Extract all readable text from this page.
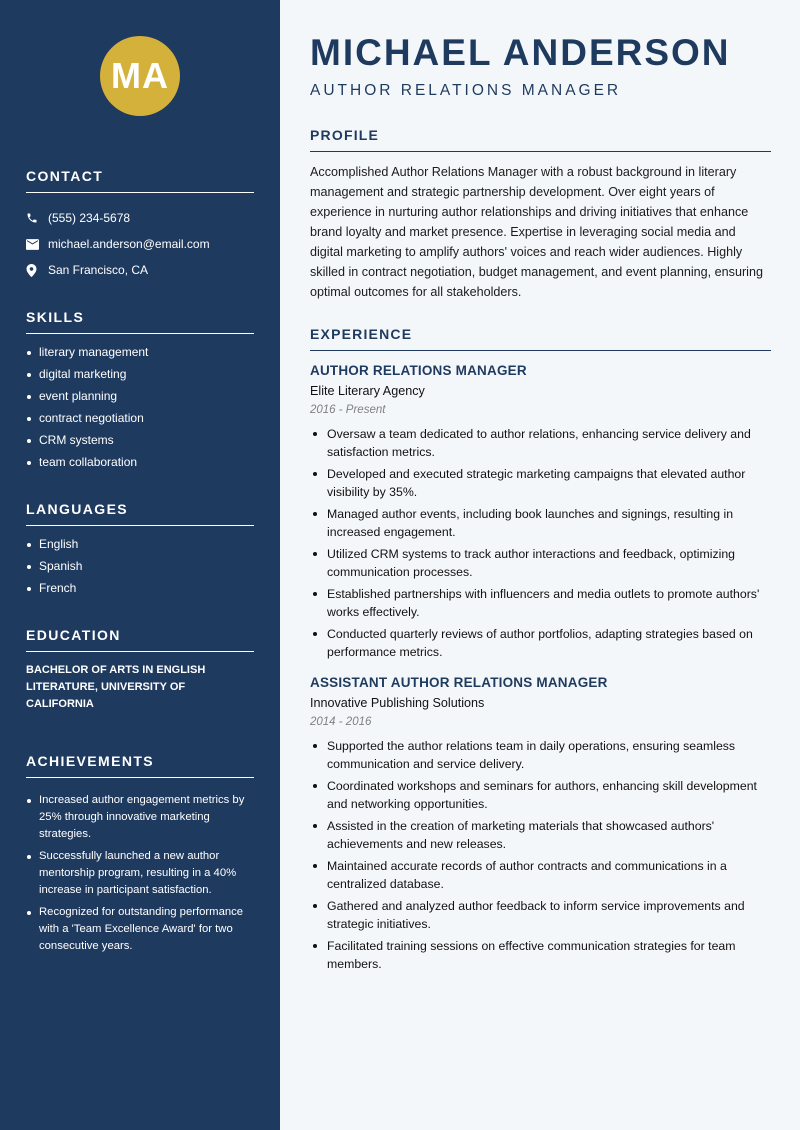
MA
CONTACT
(555) 234-5678
michael.anderson@email.com
San Francisco, CA
SKILLS
literary management
digital marketing
event planning
contract negotiation
CRM systems
team collaboration
LANGUAGES
English
Spanish
French
EDUCATION

BACHELOR OF ARTS IN ENGLISH LITERATURE, UNIVERSITY OF CALIFORNIA

ACHIEVEMENTS
Increased author engagement metrics by 25% through innovative marketing strategies.
Successfully launched a new author mentorship program, resulting in a 40% increase in participant satisfaction.
Recognized for outstanding performance with a 'Team Excellence Award' for two consecutive years.
MICHAEL ANDERSON
AUTHOR RELATIONS MANAGER
PROFILE

Accomplished Author Relations Manager with a robust background in literary management and strategic partnership development. Over eight years of experience in nurturing author relationships and driving initiatives that enhance brand loyalty and market presence. Expertise in leveraging social media and digital marketing to amplify authors' voices and reach wider audiences. Highly skilled in contract negotiation, budget management, and event planning, ensuring optimal outcomes for all stakeholders.

EXPERIENCE
AUTHOR RELATIONS MANAGER
Elite Literary Agency
2016 - Present
Oversaw a team dedicated to author relations, enhancing service delivery and satisfaction metrics.
Developed and executed strategic marketing campaigns that elevated author visibility by 35%.
Managed author events, including book launches and signings, resulting in increased engagement.
Utilized CRM systems to track author interactions and feedback, optimizing communication processes.
Established partnerships with influencers and media outlets to promote authors' works effectively.
Conducted quarterly reviews of author portfolios, adapting strategies based on performance metrics.
ASSISTANT AUTHOR RELATIONS MANAGER
Innovative Publishing Solutions
2014 - 2016
Supported the author relations team in daily operations, ensuring seamless communication and service delivery.
Coordinated workshops and seminars for authors, enhancing skill development and networking opportunities.
Assisted in the creation of marketing materials that showcased authors' achievements and new releases.
Maintained accurate records of author contracts and communications in a centralized database.
Gathered and analyzed author feedback to inform service improvements and strategic initiatives.
Facilitated training sessions on effective communication strategies for team members.
